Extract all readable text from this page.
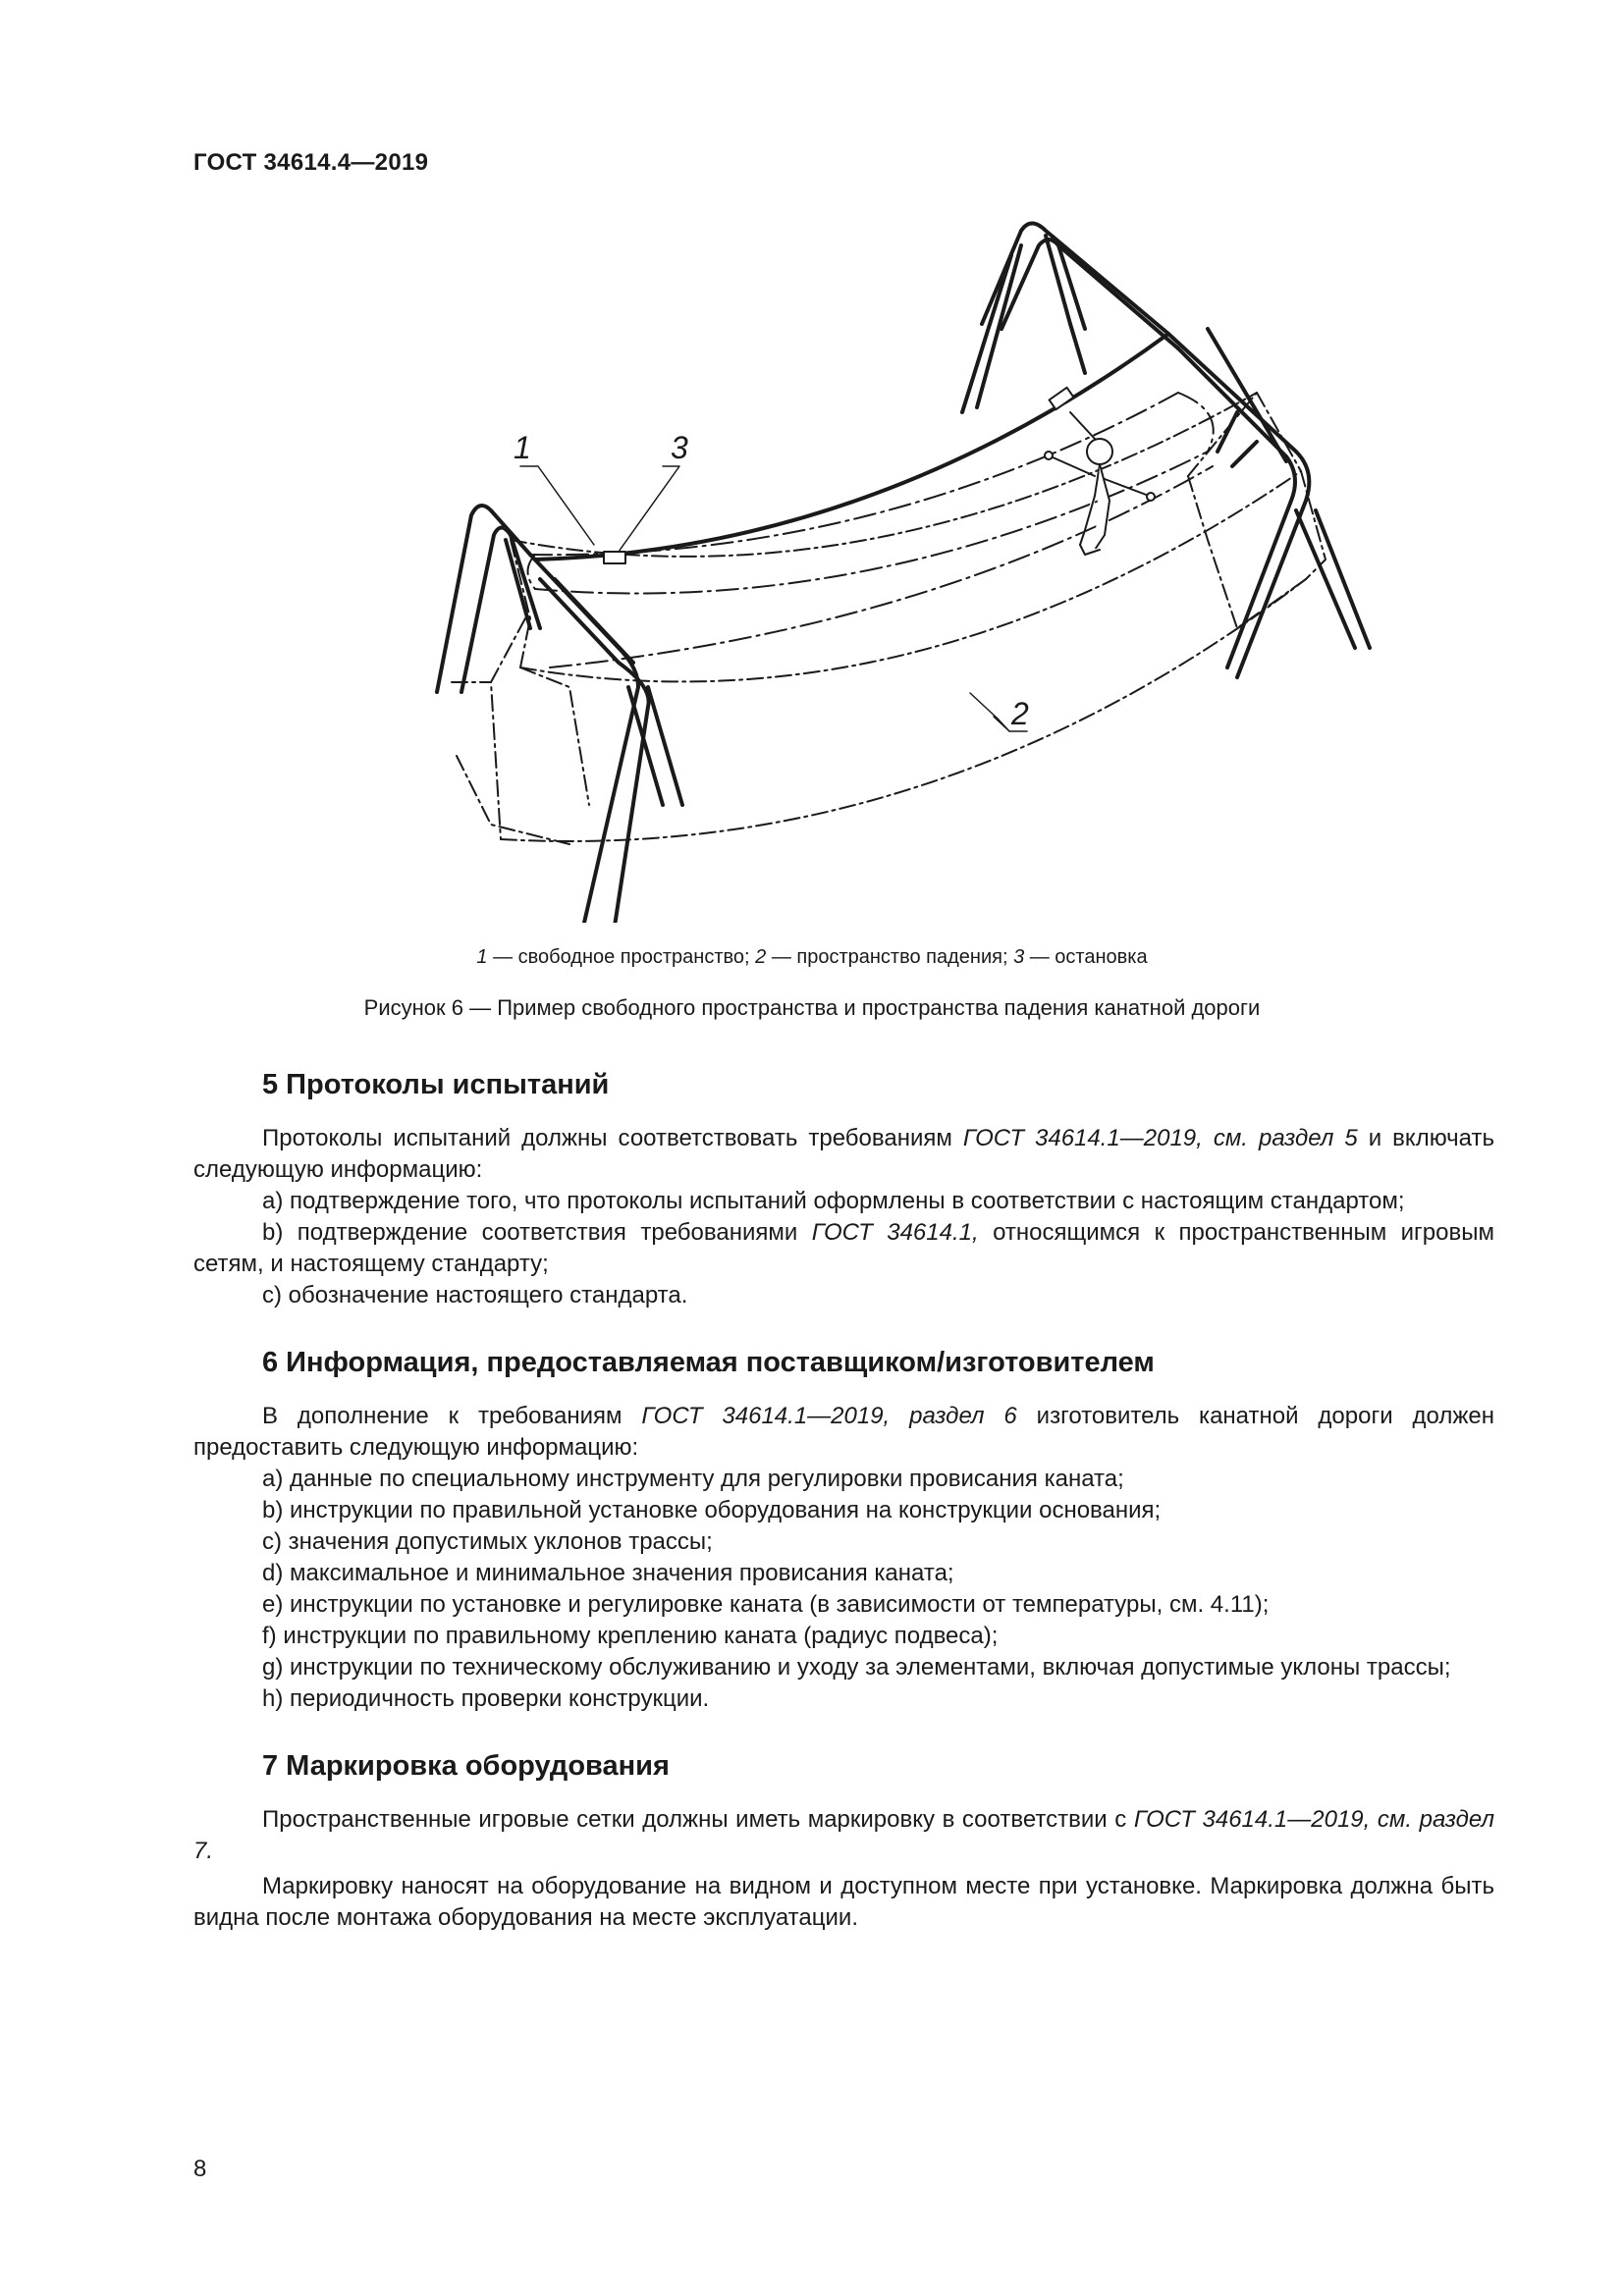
ГОСТ 34614.4—2019
1	3
2
1 — свободное пространство; 2 — пространство падения; 3 — остановка
Рисунок 6 — Пример свободного пространства и пространства падения канатной дороги
5 Протоколы испытаний

Протоколы испытаний должны соответствовать требованиям ГОСТ 34614.1—2019, см. раздел 5 и включать следующую информацию:

a) подтверждение того, что протоколы испытаний оформлены в соответствии с настоящим стандартом;

b) подтверждение соответствия требованиями ГОСТ 34614.1, относящимся к пространственным игровым сетям, и настоящему стандарту;

c) обозначение настоящего стандарта.

6 Информация, предоставляемая поставщиком/изготовителем

В дополнение к требованиям ГОСТ 34614.1—2019, раздел 6 изготовитель канатной дороги должен предоставить следующую информацию:

a) данные по специальному инструменту для регулировки провисания каната;

b) инструкции по правильной установке оборудования на конструкции основания;

c) значения допустимых уклонов трассы;

d) максимальное и минимальное значения провисания каната;

e) инструкции по установке и регулировке каната (в зависимости от температуры, см. 4.11);

f) инструкции по правильному креплению каната (радиус подвеса);

g) инструкции по техническому обслуживанию и уходу за элементами, включая допустимые уклоны трассы;

h) периодичность проверки конструкции.

7 Маркировка оборудования

Пространственные игровые сетки должны иметь маркировку в соответствии с ГОСТ 34614.1—2019, см. раздел 7.

Маркировку наносят на оборудование на видном и доступном месте при установке. Маркировка должна быть видна после монтажа оборудования на месте эксплуатации.

8
